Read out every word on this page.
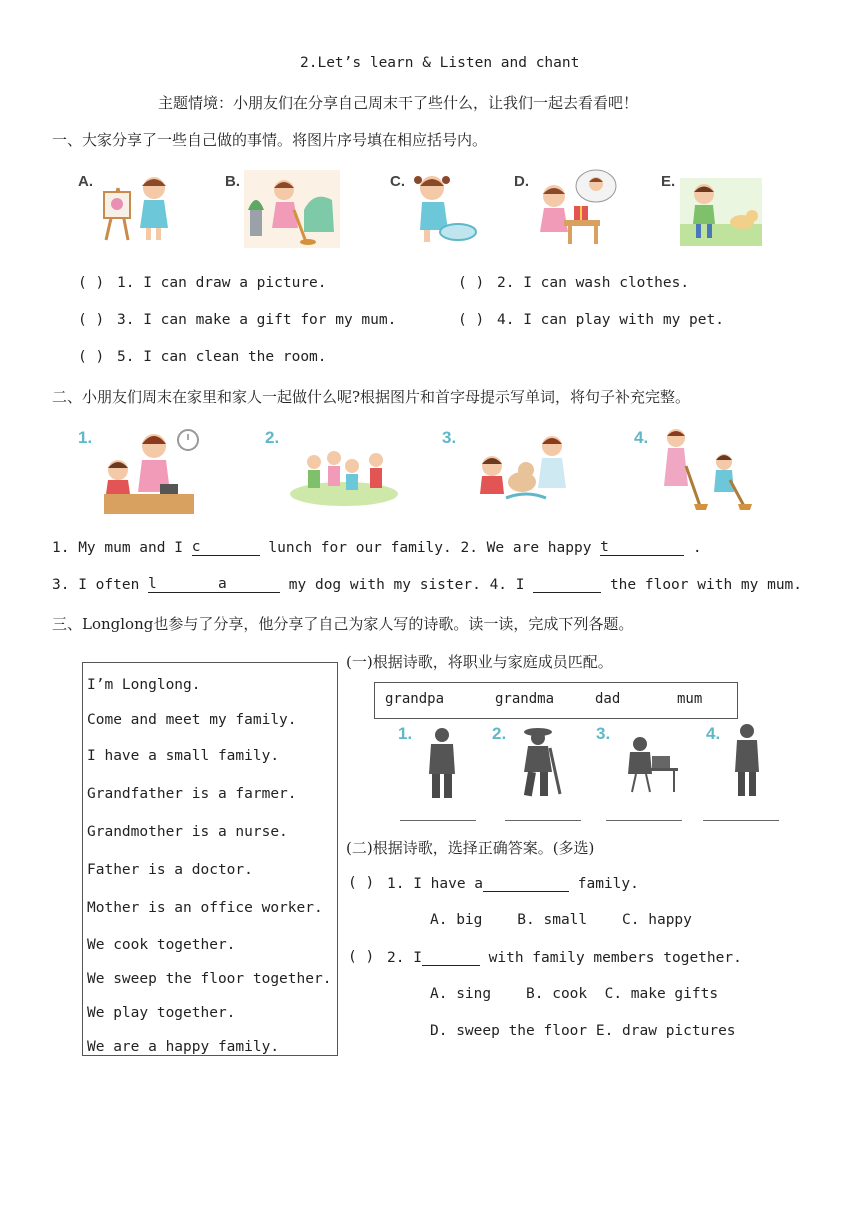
2.Let’s learn & Listen and chant
主题情境：小朋友们在分享自己周末干了些什么，让我们一起去看看吧！
一、大家分享了一些自己做的事情。将图片序号填在相应括号内。
A.	B.	C.	D.	E.
( ) 1. I can draw a picture.	( ) 2. I can wash clothes.
( ) 3. I can make a gift for my mum.	( ) 4. I can play with my pet.
( ) 5. I can clean the room.
二、小朋友们周末在家里和家人一起做什么呢?根据图片和首字母提示写单词，将句子补充完整。
1.	2.	3.	4.
1. My mum and I c	lunch for our family. 2. We are happy t	.
3. I often l	a	my dog with my sister. 4. I	the floor with my mum.
三、Longlong也参与了分享，他分享了自己为家人写的诗歌。读一读，完成下列各题。
I’m Longlong.
Come and meet my family.
I have a small family.
Grandfather is a farmer.
Grandmother is a nurse.
Father is a doctor.
Mother is an office worker.
We cook together.
We sweep the floor together.
We play together.
We are a happy family.
(一)根据诗歌，将职业与家庭成员匹配。
grandpa	grandma	dad	mum
1.	2.	3.	4.
(二)根据诗歌，选择正确答案。(多选)
( ) 1. I have a	family.
A. big    B. small    C. happy
( ) 2. I	with family members together.
A. sing    B. cook  C. make gifts
D. sweep the floor E. draw pictures
